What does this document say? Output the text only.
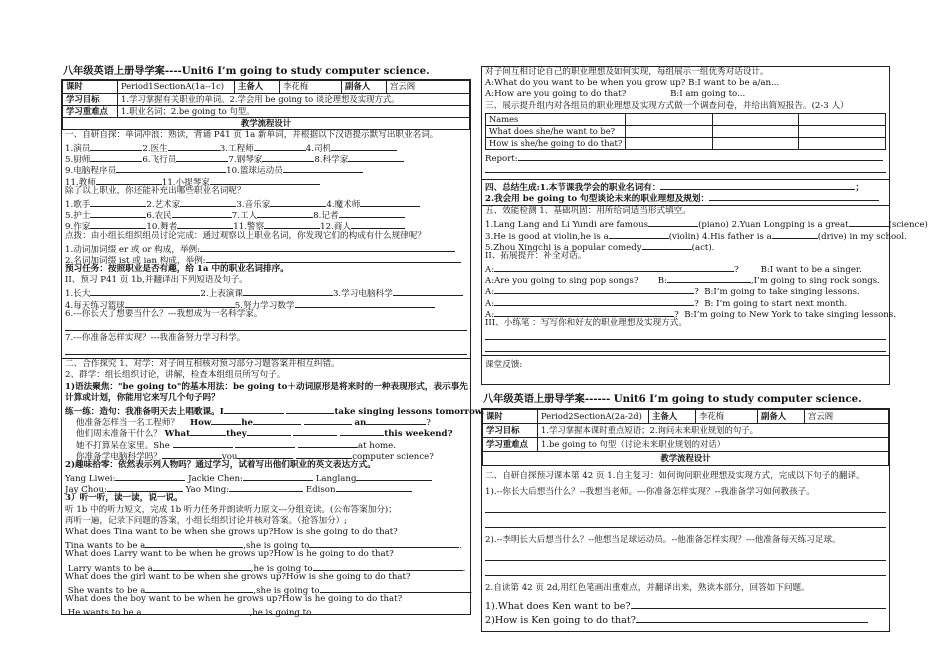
八年级英语上册导学案----Unit6 I’m going to study computer science.
课时	Period1SectionA(1a--1c)	主备人	李花梅	副备人	宫云阁
学习目标	1.学习掌握有关职业的单词。2.学会用 be going to 谈论理想及实现方式。				
学习重难点	1.职业名词；2.be going to 句型。				
教学流程设计					
一、自研自探：单词冲浪：熟读，背诵 P41 页 1a 新单词，并根据以下汉语提示默写出职业名词。
1.演员	2.医生	3.工程师	4.司机
5.厨师	6.飞行员	7.钢琴家	8.科学家
9.电脑程序员	10.篮球运动员
11.教师	11.小提琴家
除了以上职业，你还能补充出哪些职业名词呢？
1.歌手	2.艺术家	3.音乐家	4.魔术师
5.护士	6.农民	7.工人	8.记者
9.作家	10.舞者	11.警察	12.商人
点拨：由小组长组织组员讨论完成：通过观察以上职业名词，你发现它们的构成有什么规律呢？
1.动词加词缀 er 或 or 构成，举例:
2.名词加词缀 ist 或 ian 构成，举例:
预习任务：按照职业是否有趣，给 1a 中的职业名词排序。
II、预习 P41 页 1b,并翻译出下列短语及句子。
1.长大	2.上表演课	3.学习电脑科学
4.每天练习篮球	5.努力学习数学
6.---你长大了想要当什么？---我想成为一名科学家。
7.---你准备怎样实现？---我准备努力学习科学。
二、合作探究 1、对学：对子间互相核对预习部分习题答案并相互纠错。
2、群学：组长组织讨论，讲解，检查本组组员所写句子。
1)语法聚焦："be going to"的基本用法：be going to＋动词原形是将来时的一种表现形式，表示事先
计算或计划，你能用它来写几个句子吗？
练一练：造句：我准备明天去上唱歌课。I	take singing lessons tomorrow.
他准备怎样当一名工程师？ How	he	an	?
他们周末准备干什么？ What	they	this weekend?
她不打算呆在家里。She	at home.
你准备学电脑科学吗？	you	computer science?
2)趣味拾零：依然表示列人物吗？通过学习，试着写出他们职业的英文表达方式。
Yang Liwei:	Jackie Chen:	Langlang
Jay Chou:	Yao Ming:	Edison
3）听一听，读一读，说一说。
听 1b 中的听力短文，完成 1b 听力任务并朗读听力原文---分组竞读。(公布答案加分)；
再听一遍，记录下问题的答案，小组长组织讨论并核对答案。（抢答加分）;
What does Tina want to be when she grows up?How is she going to do that?
Tina wants to be a	,she is going to	.
What does Larry want to be when he grows up?How is he going to do that?
Larry wants to be a	,he is going to	.
What does the girl want to be when she grows up?How is she going to do that?
She wants to be a	,she is going to	.
What does the boy want to be when he grows up?How is he going to do that?
He wants to be a	,he is going to	.
对子间互相讨论自己的职业理想及如何实现，每组展示一组优秀对话设计。
A:What do you want to be when you grow up? B:I want to be a/an...
A:How are you going to do that?	B:I am going to...
三、展示提升组内对各组员的职业理想及实现方式做一个调查问卷，并给出简短报告。(2-3 人）
Names			
What does she/he want to be?			
How is she/he going to do that?			
Report:
四、总结生成:1.本节课我学会的职业名词有：	；
2.我会用 be going to 句型谈论未来的职业理想及规划：
五、效能检测 1、基础巩固：用所给词适当形式填空。
1.Lang Lang and Li Yundi are famous	(piano) 2.Yuan Longping is a great	(science)
3.He is good at violin,he is a	(violin) 4.His father is a	(drive) in my school.
5.Zhou Xingchi is a popular comedy	(act).
II、拓展提升：补全对话。
A:	?	B:I want to be a singer.
A:Are you going to sing pop songs? B:	,I’m going to sing rock songs.
A:	? B:I’m going to take singing lessons.
A:	? B: I’m going to start next month.
A:	? B:I’m going to New York to take singing lessons.
III、小练笔 ：写写你和好友的职业理想及实现方式。
课堂反馈:
八年级英语上册导学案------ Unit6 I’m going to study computer science.
课时	Period2SectionA(2a-2d)	主备人	李花梅	副备人	宫云阁
学习目标	1.学习掌握本课时重点短语；2.询问未来职业规划的句子。				
学习重难点	1.be going to 句型（讨论未来职业规划的对话）				
教学流程设计					
二、自研自探预习课本第 42 页 1.自主复习：如何询问职业理想及实现方式，完成以下句子的翻译。
1).--你长大后想当什么？--我想当老师。---你准备怎样实现？--我准备学习如何教孩子。
2).--李明长大后想当什么？--他想当足球运动员。--他准备怎样实现？---他准备每天练习足球。
2.自读第 42 页 2d,用红色笔画出重难点，并翻译出来，熟读本部分，回答如下问题。
1).What does Ken want to be?
2)How is Ken going to do that?
